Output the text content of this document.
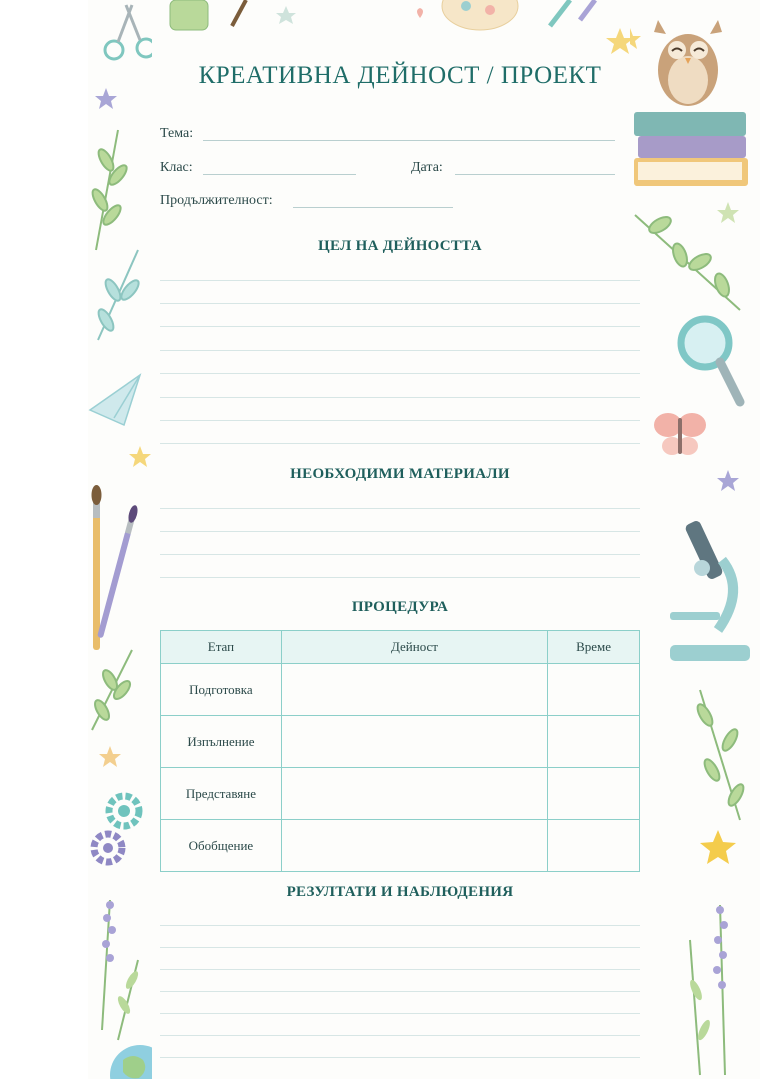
КРЕАТИВНА ДЕЙНОСТ / ПРОЕКТ
Тема:
Клас:	Дата:
Продължителност:
ЦЕЛ НА ДЕЙНОСТТА
НЕОБХОДИМИ МАТЕРИАЛИ
ПРОЦЕДУРА
Етап	Дейност	Време
Подготовка		
Изпълнение		
Представяне		
Обобщение		
РЕЗУЛТАТИ И НАБЛЮДЕНИЯ
